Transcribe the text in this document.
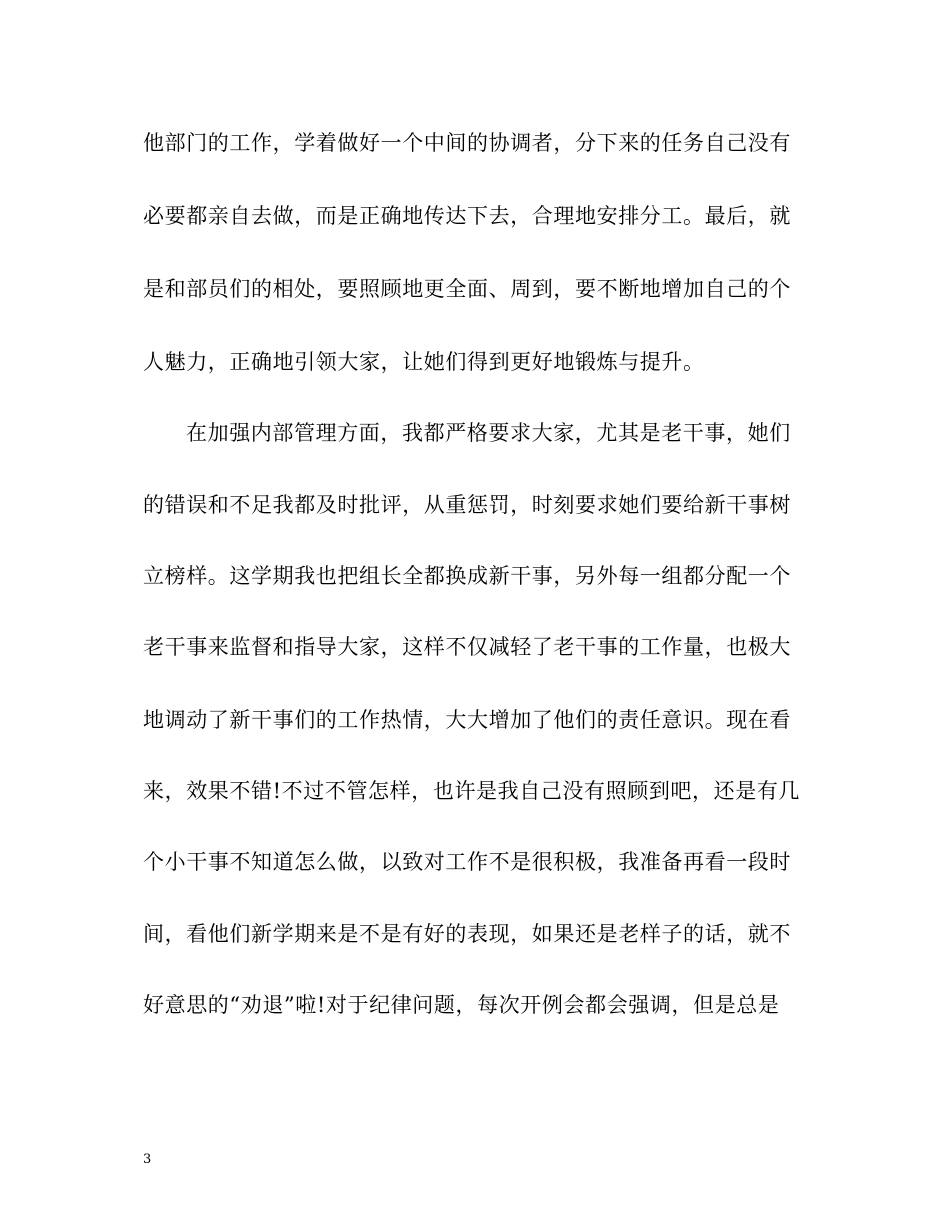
他部门的工作，学着做好一个中间的协调者，分下来的任务自己没有
必要都亲自去做，而是正确地传达下去，合理地安排分工。最后，就
是和部员们的相处，要照顾地更全面、周到，要不断地增加自己的个
人魅力，正确地引领大家，让她们得到更好地锻炼与提升。
在加强内部管理方面，我都严格要求大家，尤其是老干事，她们
的错误和不足我都及时批评，从重惩罚，时刻要求她们要给新干事树
立榜样。这学期我也把组长全都换成新干事，另外每一组都分配一个
老干事来监督和指导大家，这样不仅减轻了老干事的工作量，也极大
地调动了新干事们的工作热情，大大增加了他们的责任意识。现在看
来，效果不错!不过不管怎样，也许是我自己没有照顾到吧，还是有几
个小干事不知道怎么做，以致对工作不是很积极，我准备再看一段时
间，看他们新学期来是不是有好的表现，如果还是老样子的话，就不
好意思的“劝退”啦!对于纪律问题，每次开例会都会强调，但是总是
3
